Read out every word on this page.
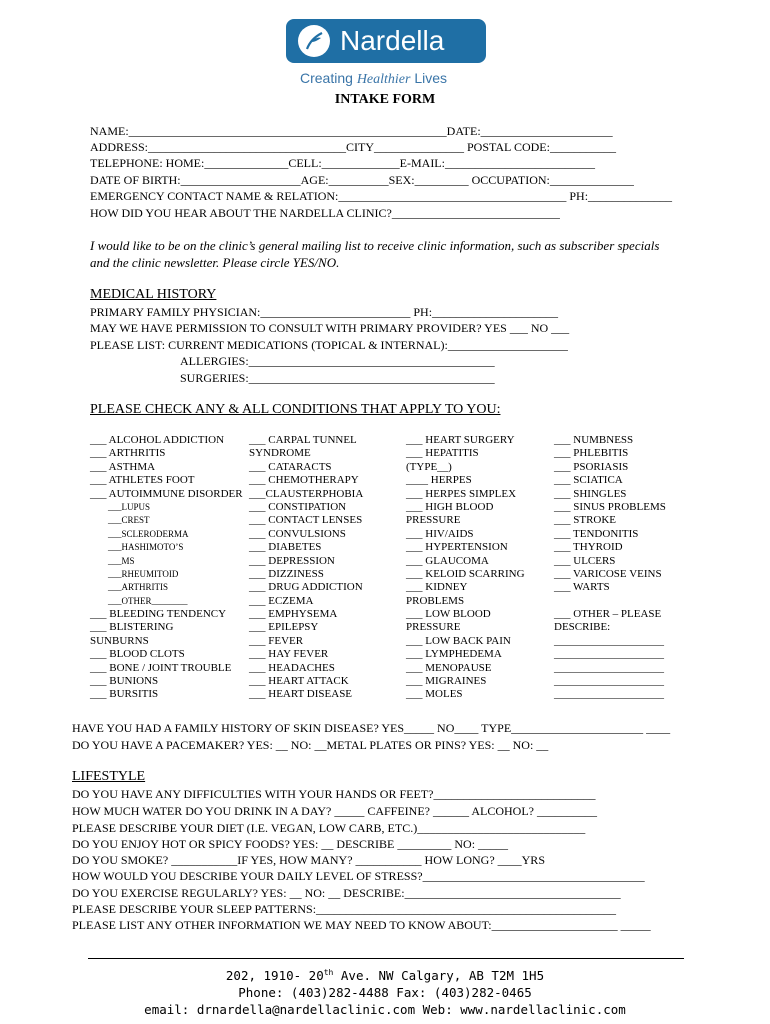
Nardella
Creating Healthier Lives
INTAKE FORM
NAME:_____________________________________________________DATE:______________________
ADDRESS:_________________________________CITY_______________ POSTAL CODE:___________
TELEPHONE: HOME:______________CELL:_____________E-MAIL:_________________________
DATE OF BIRTH:____________________AGE:__________SEX:_________ OCCUPATION:______________
EMERGENCY CONTACT NAME & RELATION:______________________________________ PH:______________
HOW DID YOU HEAR ABOUT THE NARDELLA CLINIC?____________________________
I would like to be on the clinic’s general mailing list to receive clinic information, such as subscriber specials and the clinic newsletter. Please circle YES/NO.
MEDICAL HISTORY
PRIMARY FAMILY PHYSICIAN:_________________________ PH:_____________________
MAY WE HAVE PERMISSION TO CONSULT WITH PRIMARY PROVIDER? YES ___ NO ___
PLEASE LIST: CURRENT MEDICATIONS (TOPICAL & INTERNAL):____________________
ALLERGIES:_________________________________________
SURGERIES:_________________________________________
PLEASE CHECK ANY & ALL CONDITIONS THAT APPLY TO YOU:
___ ALCOHOL ADDICTION
___ ARTHRITIS
___ ASTHMA
___ ATHLETES FOOT
___ AUTOIMMUNE DISORDER
___LUPUS
___CREST
___SCLERODERMA
___HASHIMOTO’S
___MS
___RHEUMITOID
___ARTHRITIS
___OTHER________
___ BLEEDING TENDENCY
___ BLISTERING
SUNBURNS
___ BLOOD CLOTS
___ BONE / JOINT TROUBLE
___ BUNIONS
___ BURSITIS
___ CARPAL TUNNEL
SYNDROME
___ CATARACTS
___ CHEMOTHERAPY
___CLAUSTERPHOBIA
___ CONSTIPATION
___ CONTACT LENSES
___ CONVULSIONS
___ DIABETES
___ DEPRESSION
___ DIZZINESS
___ DRUG ADDICTION
___ ECZEMA
___ EMPHYSEMA
___ EPILEPSY
___ FEVER
___ HAY FEVER
___ HEADACHES
___ HEART ATTACK
___ HEART DISEASE
___ HEART SURGERY
___ HEPATITIS
(TYPE__)
____ HERPES
___ HERPES SIMPLEX
___ HIGH BLOOD
PRESSURE
___ HIV/AIDS
___ HYPERTENSION
___ GLAUCOMA
___ KELOID SCARRING
___ KIDNEY
PROBLEMS
___ LOW BLOOD
PRESSURE
___ LOW BACK PAIN
___ LYMPHEDEMA
___ MENOPAUSE
___ MIGRAINES
___ MOLES
___ NUMBNESS
___ PHLEBITIS
___ PSORIASIS
___ SCIATICA
___ SHINGLES
___ SINUS PROBLEMS
___ STROKE
___ TENDONITIS
___ THYROID
___ ULCERS
___ VARICOSE VEINS
___ WARTS
___ OTHER – PLEASE
DESCRIBE:
____________________
____________________
____________________
____________________
____________________
HAVE YOU HAD A FAMILY HISTORY OF SKIN DISEASE? YES_____ NO____ TYPE______________________ ____
DO YOU HAVE A PACEMAKER? YES: __ NO: __METAL PLATES OR PINS? YES: __ NO: __
LIFESTYLE
DO YOU HAVE ANY DIFFICULTIES WITH YOUR HANDS OR FEET?___________________________
HOW MUCH WATER DO YOU DRINK IN A DAY? _____ CAFFEINE? ______ ALCOHOL? __________
PLEASE DESCRIBE YOUR DIET (I.E. VEGAN, LOW CARB, ETC.)____________________________
DO YOU ENJOY HOT OR SPICY FOODS? YES: __ DESCRIBE _________ NO: _____
DO YOU SMOKE? ___________IF YES, HOW MANY? ___________ HOW LONG? ____YRS
HOW WOULD YOU DESCRIBE YOUR DAILY LEVEL OF STRESS?_____________________________________
DO YOU EXERCISE REGULARLY? YES: __ NO: __ DESCRIBE:____________________________________
PLEASE DESCRIBE YOUR SLEEP PATTERNS:__________________________________________________
PLEASE LIST ANY OTHER INFORMATION WE MAY NEED TO KNOW ABOUT:_____________________ _____
202, 1910- 20th Ave. NW Calgary, AB T2M 1H5
Phone: (403)282-4488 Fax: (403)282-0465
email: drnardella@nardellaclinic.com Web: www.nardellaclinic.com
